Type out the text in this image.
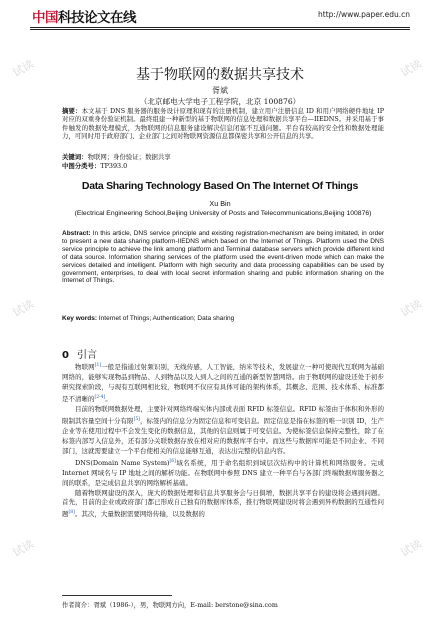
试读	试读
试读	试读
试读	试读
中国科技论文在线	http://www.paper.edu.cn
基于物联网的数据共享技术
胥斌
（北京邮电大学电子工程学院，北京 100876）
摘要：本文基于 DNS 服务器的服务设计原理和现有的注册机制，建立用户注册信息 ID 和用户网络硬件地址 IP 对应的双重身份验证机制。最终组建一种新型的基于物联网的信息处理和数据共享平台—IIEDNS。并采用基于事件触发的数据处理模式，为物联网的信息服务建设解决信息闭塞不互通问题。平台有较高的安全性和数据处理能力，可同时用于政府部门、企业部门之间对物联网资源信息都保密共享和公开信息的共享。
关键词：物联网；身份验证；数据共享
中图分类号：TP393.0
Data Sharing Technology Based On The Internet Of Things
Xu Bin
(Electrical Engineering School,Beijing University of Posts and Telecommunications,Beijing 100876)
Abstract: In this article, DNS service principle and existing registration-mechanism are being imitated, in order to present a new data sharing platform-IIEDNS which based on the Internet of Things. Platform used the DNS service principle to achieve the link among platform and Terminal database servers which provide different kind of data source. Information sharing services of the platform used the event-driven mode which can make the services detailed and intelligent. Platform with high security and data processing capabilities can be used by government, enterprises, to deal with local secret information sharing and public information sharing on the Internet of Things.
Key words: Internet of Things; Authentication; Data sharing
0 引言

物联网[1]一般是指通过射频识别，无线传感，人工智能，纳米等技术，发展建立一种可使现代互联网为基础网络的，能够实现物品到物品、人到物品以及人到人之间的互通的新型智慧网络。由于物联网的建设还处于初步研究探索阶段，与现有互联网相比较，物联网不仅应有具体可能的架构体系，其概念、范围、技术体系、标准都是不清晰的[2-4]。

目前的物联网数据处理，主要针对网络终端实体内部或表面 RFID 标签信息。RFID 标签由于体积和外形的限制其容量空间十分有限[5]，标签内的信息分为固定信息和可变信息。固定信息是指在标签的唯一识别 ID，生产企业等在使用过程中不会发生变化的数据信息，其他的信息则属于可变信息。为使标签信息保持完整性，除了在标签内部写入信息外，还有部分关联数据存放在相对应的数据库平台中。而这些与数据库可能是不同企业、不同部门，这就需要建立一个平台使相关的信息能够互通，表达出完整的信息内容。

DNS(Domain Name System)[6]域名系统，用于命名组织到域层次结构中的计算机和网络服务。完成 Internet 网域名与 IP 地址之间的解析功能。在物联网中参照 DNS 建立一种平台与各部门终端数据库服务器之间的联系，是完成信息共享的网络解析基础。

随着物联网建设的深入，庞大的数据处理和信息共享服务会与日俱增，数据共享平台的建设将会遇到问题。首先，目前的企业或政府部门都已形成自己独有的数据库体系，推行物联网建设时将会遇到异构数据的互通性问题[8]。其次，大量数据需要网络传输，以及数据的

作者简介：胥斌（1986-），男，物联网方向，E-mail: berstone@sina.com
